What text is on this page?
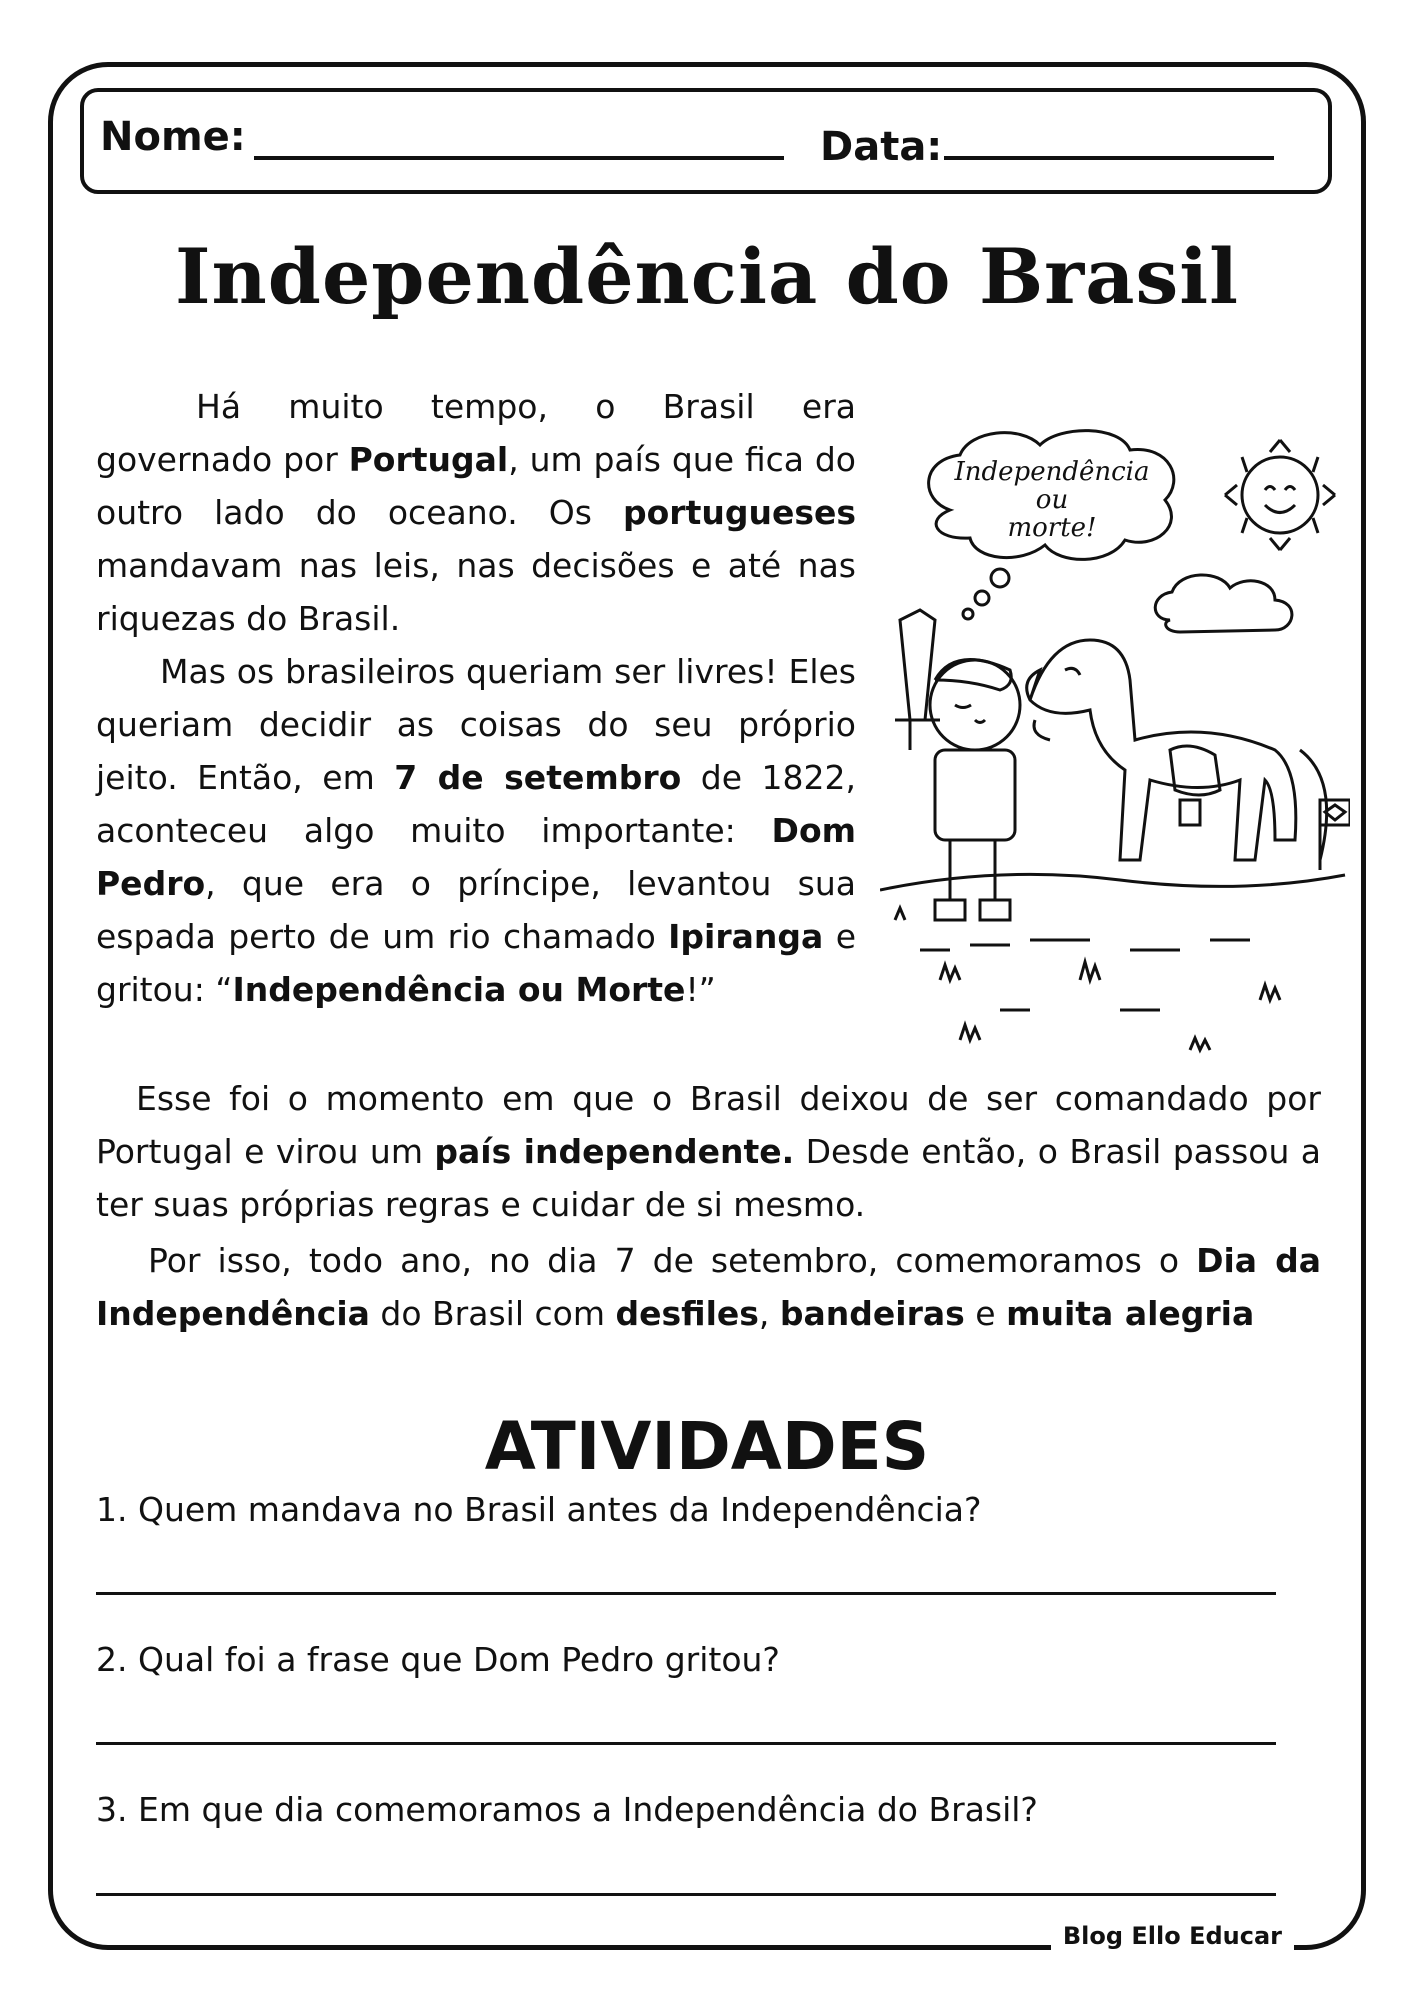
Nome:	Data:
Independência do Brasil

Há muito tempo, o Brasil era governado por Portugal, um país que fica do outro lado do oceano. Os portugueses mandavam nas leis, nas decisões e até nas riquezas do Brasil.

Mas os brasileiros queriam ser livres! Eles queriam decidir as coisas do seu próprio jeito. Então, em 7 de setembro de 1822, aconteceu algo muito importante: Dom Pedro, que era o príncipe, levantou sua espada perto de um rio chamado Ipiranga e gritou: “Independência ou Morte!”

Esse foi o momento em que o Brasil deixou de ser comandado por Portugal e virou um país independente. Desde então, o Brasil passou a ter suas próprias regras e cuidar de si mesmo.

Por isso, todo ano, no dia 7 de setembro, comemoramos o Dia da Independência do Brasil com desfiles, bandeiras e muita alegria

Independência
ou
morte!
ATIVIDADES
1. Quem mandava no Brasil antes da Independência?
2. Qual foi a frase que Dom Pedro gritou?
3. Em que dia comemoramos a Independência do Brasil?
Blog Ello Educar
